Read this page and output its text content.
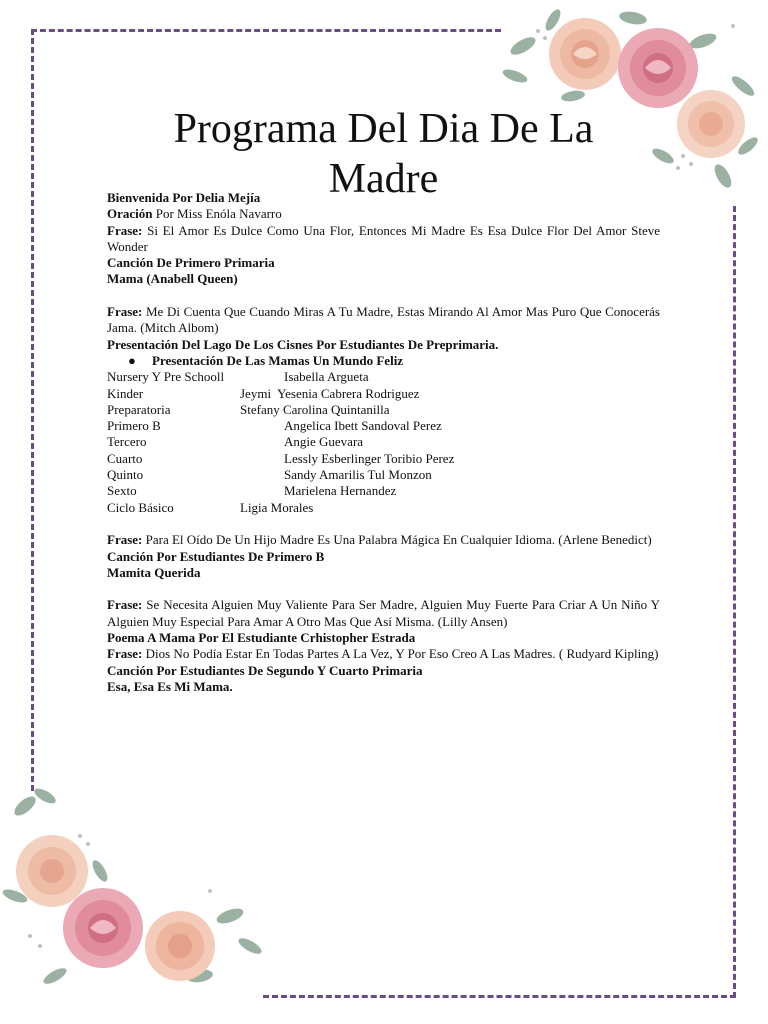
Programa Del Dia De La
Madre

Bienvenida Por Delia Mejía

Oración Por Miss Enóla Navarro

Frase: Si El Amor Es Dulce Como Una Flor, Entonces Mi Madre Es Esa Dulce Flor Del Amor Steve Wonder

Canción De Primero Primaria

Mama (Anabell Queen)

Frase: Me Di Cuenta Que Cuando Miras A Tu Madre, Estas Mirando Al Amor Mas Puro Que Conocerás Jama. (Mitch Albom)

Presentación Del Lago De Los Cisnes Por Estudiantes De Preprimaria.

●	Presentación De Las Mamas Un Mundo Feliz

Nursery Y Pre Schooll	Isabella Argueta
Kinder	Jeymi  Yesenia Cabrera Rodriguez
Preparatoria	Stefany Carolina Quintanilla
Primero B	Angelica Ibett Sandoval Perez
Tercero	Angie Guevara
Cuarto	Lessly Esberlinger Toribio Perez
Quinto	Sandy Amarilis Tul Monzon
Sexto	Marielena Hernandez
Ciclo Básico	Ligia Morales

Frase: Para El Oído De Un Hijo Madre Es Una Palabra Mágica En Cualquier Idioma. (Arlene Benedict)

Canción Por Estudiantes De Primero B

Mamita Querida

Frase: Se Necesita Alguien Muy Valiente Para Ser Madre, Alguien Muy Fuerte Para Criar A Un Niño Y Alguien Muy Especial Para Amar A Otro Mas Que Así Misma. (Lilly Ansen)

Poema A Mama Por El Estudiante Crhistopher Estrada

Frase: Dios No Podía Estar En Todas Partes A La Vez, Y Por Eso Creo A Las Madres. ( Rudyard Kipling)

Canción Por Estudiantes De Segundo Y Cuarto Primaria

Esa, Esa Es Mi Mama.
